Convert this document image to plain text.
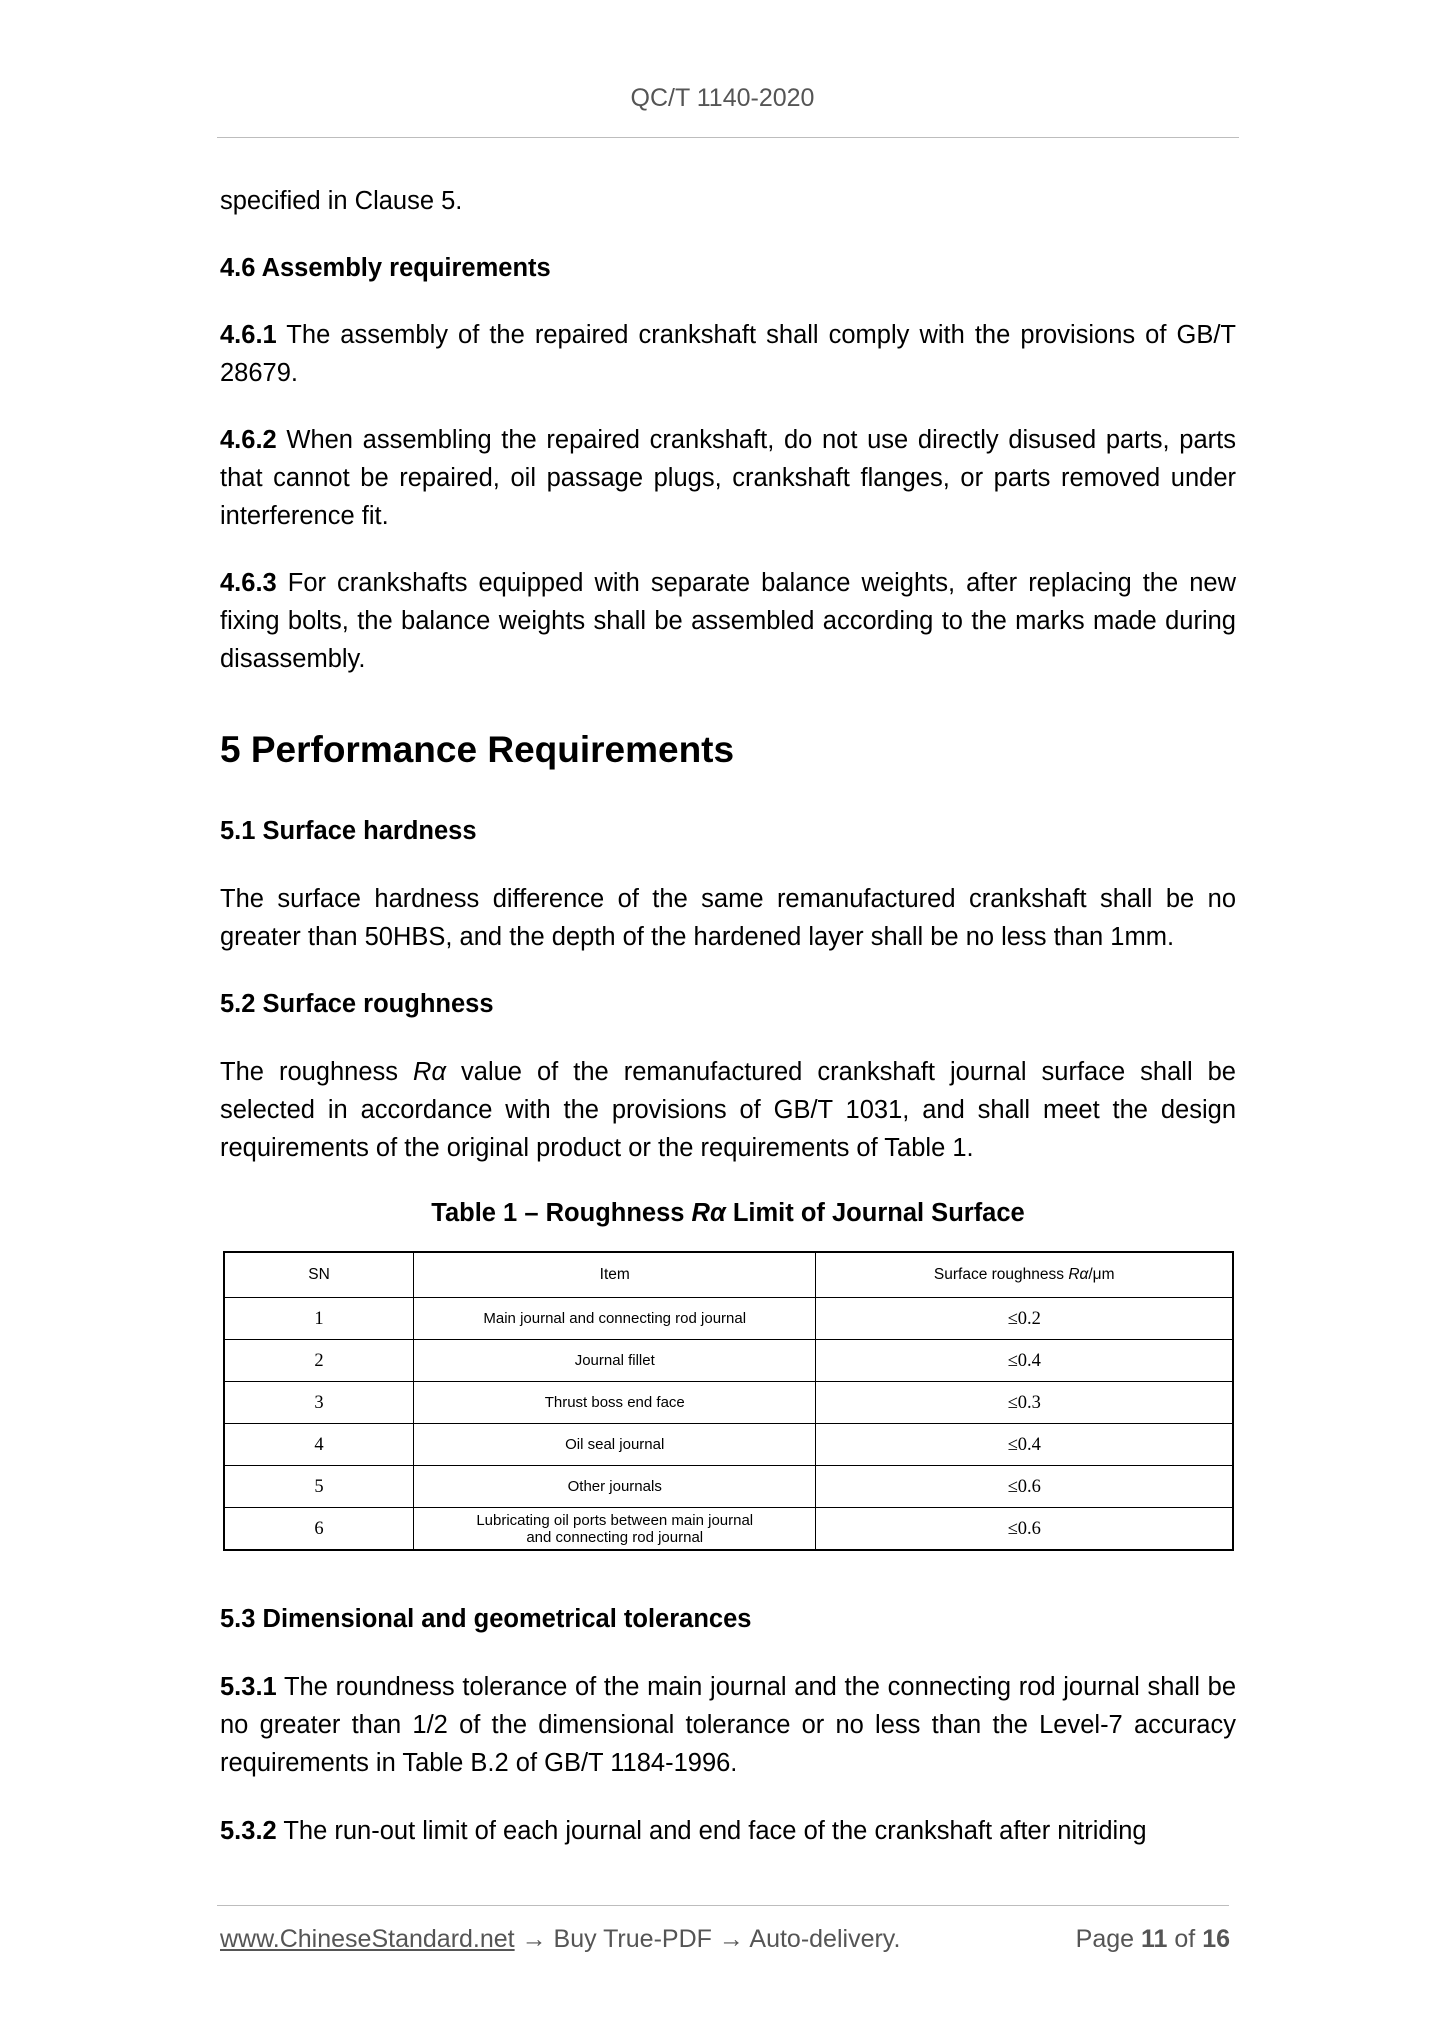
QC/T 1140-2020

specified in Clause 5.

4.6 Assembly requirements

4.6.1 The assembly of the repaired crankshaft shall comply with the provisions of GB/T 28679.

4.6.2 When assembling the repaired crankshaft, do not use directly disused parts, parts that cannot be repaired, oil passage plugs, crankshaft flanges, or parts removed under interference fit.

4.6.3 For crankshafts equipped with separate balance weights, after replacing the new fixing bolts, the balance weights shall be assembled according to the marks made during disassembly.

5 Performance Requirements

5.1 Surface hardness

The surface hardness difference of the same remanufactured crankshaft shall be no greater than 50HBS, and the depth of the hardened layer shall be no less than 1mm.

5.2 Surface roughness

The roughness Rα value of the remanufactured crankshaft journal surface shall be selected in accordance with the provisions of GB/T 1031, and shall meet the design requirements of the original product or the requirements of Table 1.

Table 1 – Roughness Rα Limit of Journal Surface

SN	Item	Surface roughness Rα/μm
1	Main journal and connecting rod journal	≤0.2
2	Journal fillet	≤0.4
3	Thrust boss end face	≤0.3
4	Oil seal journal	≤0.4
5	Other journals	≤0.6
6	Lubricating oil ports between main journal and connecting rod journal	≤0.6

5.3 Dimensional and geometrical tolerances

5.3.1 The roundness tolerance of the main journal and the connecting rod journal shall be no greater than 1/2 of the dimensional tolerance or no less than the Level-7 accuracy requirements in Table B.2 of GB/T 1184-1996.

5.3.2 The run-out limit of each journal and end face of the crankshaft after nitriding

www.ChineseStandard.net → Buy True-PDF → Auto-delivery.	Page 11 of 16
